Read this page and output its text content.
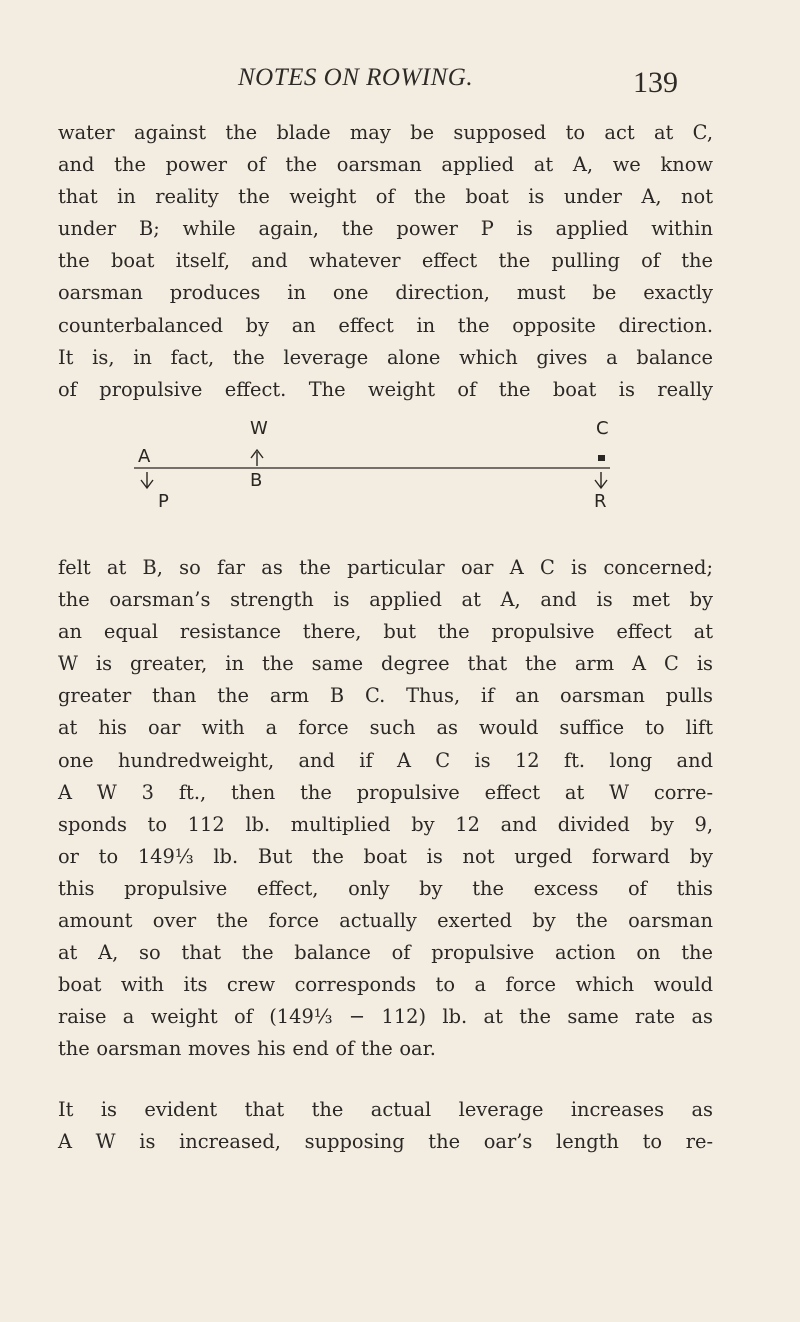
NOTES ON ROWING.	139

water against the blade may be supposed to act at C,
and the power of the oarsman applied at A, we know
that in reality the weight of the boat is under A, not
under B; while again, the power P is applied within
the boat itself, and whatever effect the pulling of the
oarsman produces in one direction, must be exactly
counterbalanced by an effect in the opposite direction.
It is, in fact, the leverage alone which gives a balance
of propulsive effect. The weight of the boat is really

W	C
A
B
P	R

felt at B, so far as the particular oar A C is concerned;
the oarsman’s strength is applied at A, and is met by
an equal resistance there, but the propulsive effect at
W is greater, in the same degree that the arm A C is
greater than the arm B C. Thus, if an oarsman pulls
at his oar with a force such as would suffice to lift
one hundredweight, and if A C is 12 ft. long and
A W 3 ft., then the propulsive effect at W corre-
sponds to 112 lb. multiplied by 12 and divided by 9,
or to 149⅓ lb. But the boat is not urged forward by
this propulsive effect, only by the excess of this
amount over the force actually exerted by the oarsman
at A, so that the balance of propulsive action on the
boat with its crew corresponds to a force which would
raise a weight of (149⅓ − 112) lb. at the same rate as
the oarsman moves his end of the oar.

It is evident that the actual leverage increases as
A W is increased, supposing the oar’s length to re-
